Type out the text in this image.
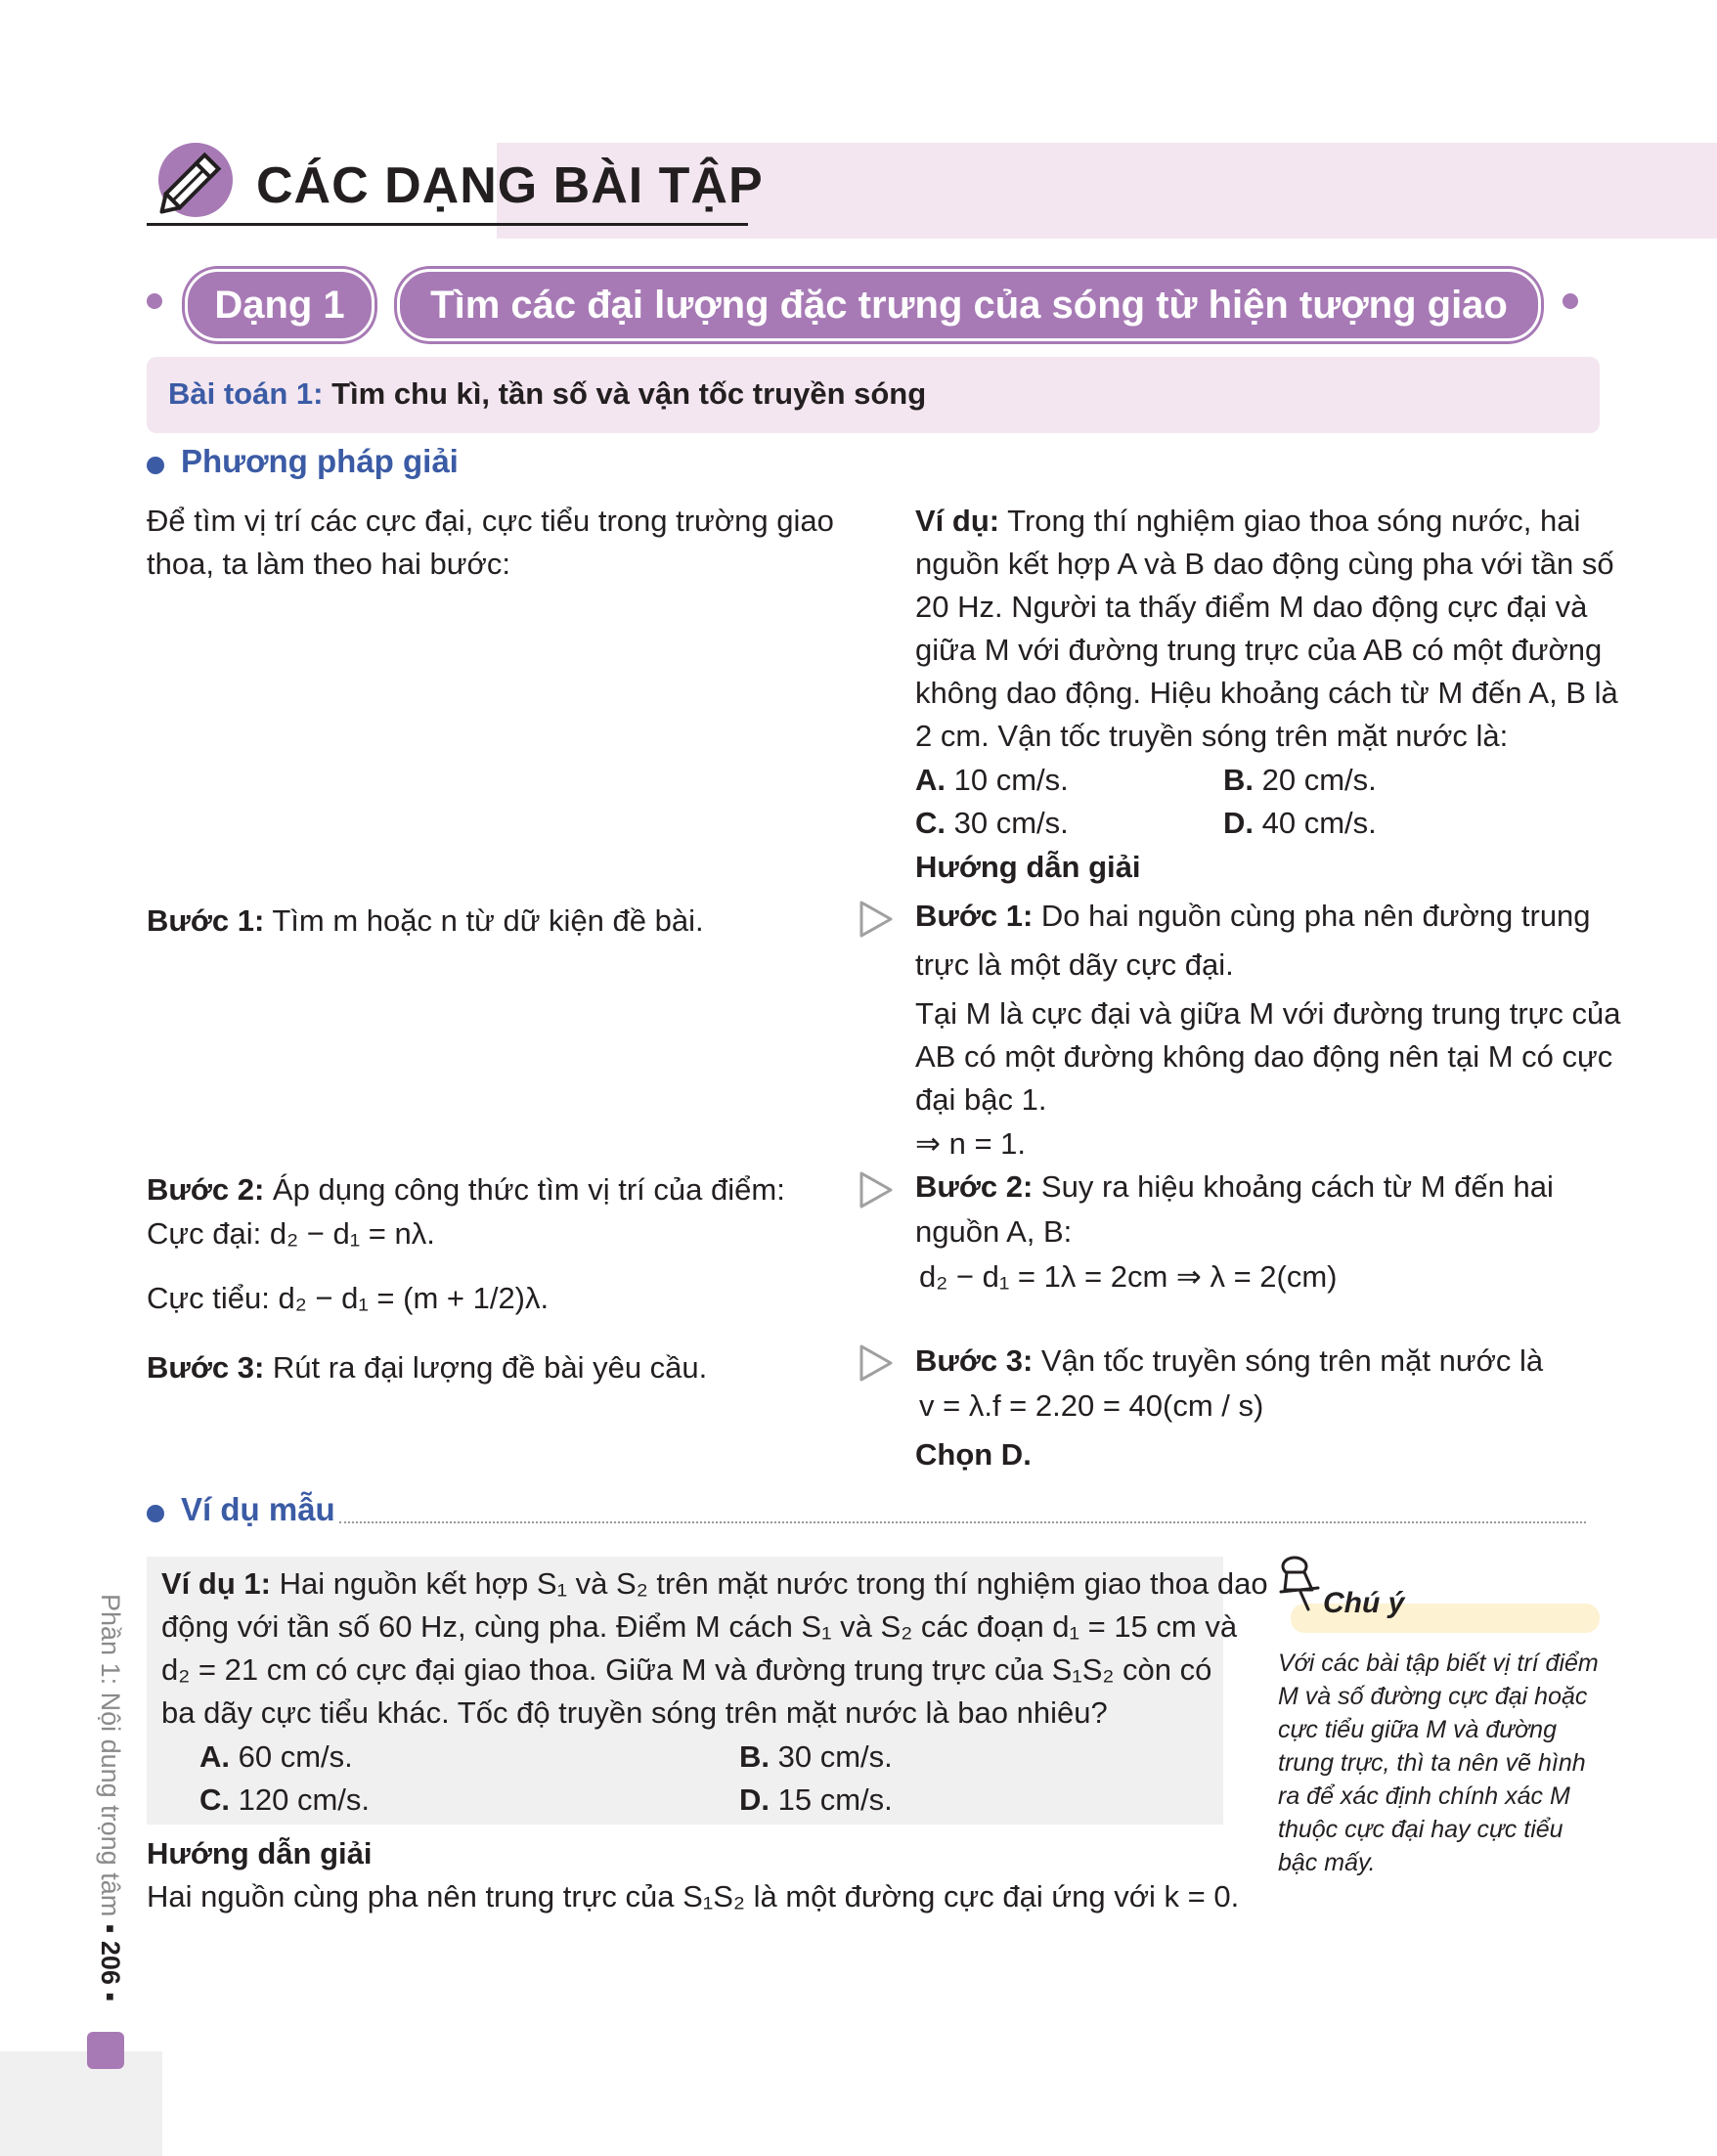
CÁC DẠNG BÀI TẬP
Dạng 1	Tìm các đại lượng đặc trưng của sóng từ hiện tượng giao
Bài toán 1: Tìm chu kì, tần số và vận tốc truyền sóng
Phương pháp giải
Để tìm vị trí các cực đại, cực tiểu trong trường giao
thoa, ta làm theo hai bước:
Bước 1: Tìm m hoặc n từ dữ kiện đề bài.
Bước 2: Áp dụng công thức tìm vị trí của điểm:
Cực đại: d₂ − d₁ = nλ.
Cực tiểu: d₂ − d₁ = (m + 1/2)λ.
Bước 3: Rút ra đại lượng đề bài yêu cầu.
Ví dụ: Trong thí nghiệm giao thoa sóng nước, hai
nguồn kết hợp A và B dao động cùng pha với tần số
20 Hz. Người ta thấy điểm M dao động cực đại và
giữa M với đường trung trực của AB có một đường
không dao động. Hiệu khoảng cách từ M đến A, B là
2 cm. Vận tốc truyền sóng trên mặt nước là:
A. 10 cm/s.	B. 20 cm/s.
C. 30 cm/s.	D. 40 cm/s.
Hướng dẫn giải
Bước 1: Do hai nguồn cùng pha nên đường trung
trực là một dãy cực đại.
Tại M là cực đại và giữa M với đường trung trực của
AB có một đường không dao động nên tại M có cực
đại bậc 1.
⇒ n = 1.
Bước 2: Suy ra hiệu khoảng cách từ M đến hai
nguồn A, B:
d₂ − d₁ = 1λ = 2cm ⇒ λ = 2(cm)
Bước 3: Vận tốc truyền sóng trên mặt nước là
v = λ.f = 2.20 = 40(cm / s)
Chọn D.
Ví dụ mẫu
Ví dụ 1: Hai nguồn kết hợp S₁ và S₂ trên mặt nước trong thí nghiệm giao thoa dao
động với tần số 60 Hz, cùng pha. Điểm M cách S₁ và S₂ các đoạn d₁ = 15 cm và
d₂ = 21 cm có cực đại giao thoa. Giữa M và đường trung trực của S₁S₂ còn có
ba dãy cực tiểu khác. Tốc độ truyền sóng trên mặt nước là bao nhiêu?
A. 60 cm/s.	B. 30 cm/s.
C. 120 cm/s.	D. 15 cm/s.
Hướng dẫn giải
Hai nguồn cùng pha nên trung trực của S₁S₂ là một đường cực đại ứng với k = 0.
Chú ý
Với các bài tập biết vị trí điểm
M và số đường cực đại hoặc
cực tiểu giữa M và đường
trung trực, thì ta nên vẽ hình
ra để xác định chính xác M
thuộc cực đại hay cực tiểu
bậc mấy.
Phần 1: Nội dung trọng tâm ▪ 206 ▪
